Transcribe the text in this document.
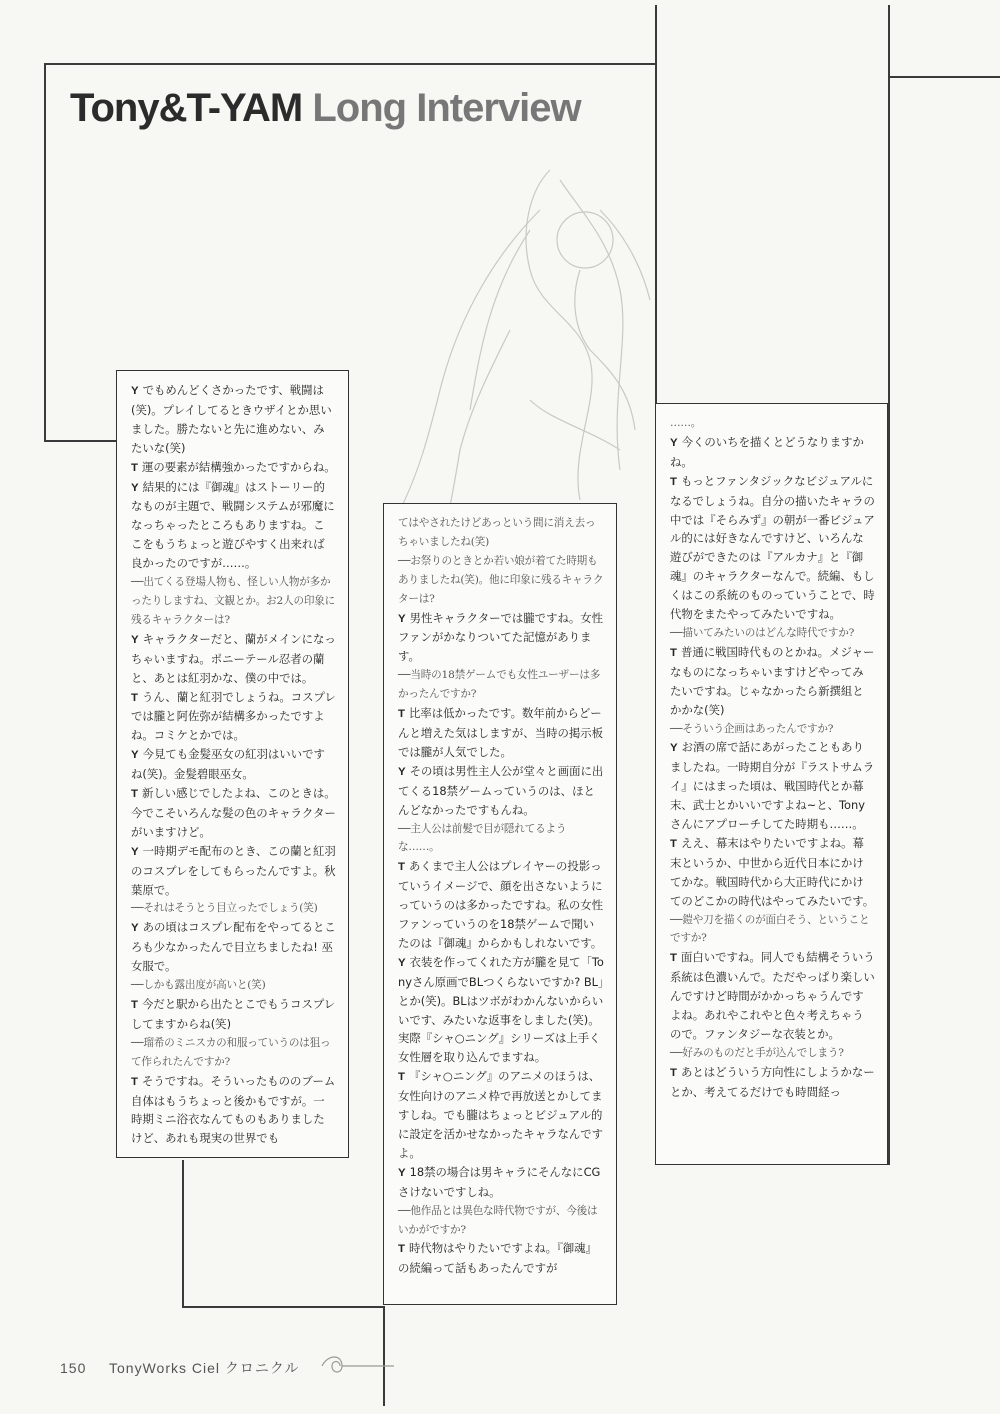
Tony&T-YAM Long Interview

Y でもめんどくさかったです、戦闘は(笑)。プレイしてるときウザイとか思いました。勝たないと先に進めない、みたいな(笑)

T 運の要素が結構強かったですからね。

Y 結果的には『御魂』はストーリー的なものが主題で、戦闘システムが邪魔になっちゃったところもありますね。ここをもうちょっと遊びやすく出来れば良かったのですが……。

──出てくる登場人物も、怪しい人物が多かったりしますね、文観とか。お2人の印象に残るキャラクターは?

Y キャラクターだと、蘭がメインになっちゃいますね。ポニーテール忍者の蘭と、あとは紅羽かな、僕の中では。

T うん、蘭と紅羽でしょうね。コスプレでは朧と阿佐弥が結構多かったですよね。コミケとかでは。

Y 今見ても金髪巫女の紅羽はいいですね(笑)。金髪碧眼巫女。

T 新しい感じでしたよね、このときは。今でこそいろんな髪の色のキャラクターがいますけど。

Y 一時期デモ配布のとき、この蘭と紅羽のコスプレをしてもらったんですよ。秋葉原で。

──それはそうとう目立ったでしょう(笑)

Y あの頃はコスプレ配布をやってるところも少なかったんで目立ちましたね! 巫女服で。

──しかも露出度が高いと(笑)

T 今だと駅から出たとこでもうコスプレしてますからね(笑)

──瑠希のミニスカの和服っていうのは狙って作られたんですか?

T そうですね。そういったもののブーム自体はもうちょっと後かもですが。一時期ミニ浴衣なんてものもありましたけど、あれも現実の世界でも

てはやされたけどあっという間に消え去っちゃいましたね(笑)

──お祭りのときとか若い娘が着てた時期もありましたね(笑)。他に印象に残るキャラクターは?

Y 男性キャラクターでは朧ですね。女性ファンがかなりついてた記憶があります。

──当時の18禁ゲームでも女性ユーザーは多かったんですか?

T 比率は低かったです。数年前からどーんと増えた気はしますが、当時の掲示板では朧が人気でした。

Y その頃は男性主人公が堂々と画面に出てくる18禁ゲームっていうのは、ほとんどなかったですもんね。

──主人公は前髪で目が隠れてるような……。

T あくまで主人公はプレイヤーの投影っていうイメージで、顔を出さないようにっていうのは多かったですね。私の女性ファンっていうのを18禁ゲームで聞いたのは『御魂』からかもしれないです。

Y 衣装を作ってくれた方が朧を見て「Tonyさん原画でBLつくらないですか? BL」とか(笑)。BLはツボがわかんないからいいです、みたいな返事をしました(笑)。実際『シャ○ニング』シリーズは上手く女性層を取り込んでますね。

T 『シャ○ニング』のアニメのほうは、女性向けのアニメ枠で再放送とかしてますしね。でも朧はちょっとビジュアル的に設定を活かせなかったキャラなんですよ。

Y 18禁の場合は男キャラにそんなにCGさけないですしね。

──他作品とは異色な時代物ですが、今後はいかがですか?

T 時代物はやりたいですよね。『御魂』の続編って話もあったんですが

……。

Y 今くのいちを描くとどうなりますかね。

T もっとファンタジックなビジュアルになるでしょうね。自分の描いたキャラの中では『そらみず』の朝が一番ビジュアル的には好きなんですけど、いろんな遊びができたのは『アルカナ』と『御魂』のキャラクターなんで。続編、もしくはこの系統のものっていうことで、時代物をまたやってみたいですね。

──描いてみたいのはどんな時代ですか?

T 普通に戦国時代ものとかね。メジャーなものになっちゃいますけどやってみたいですね。じゃなかったら新撰組とかかな(笑)

──そういう企画はあったんですか?

Y お酒の席で話にあがったこともありましたね。一時期自分が『ラストサムライ』にはまった頃は、戦国時代とか幕末、武士とかいいですよね~と、Tonyさんにアプローチしてた時期も……。

T ええ、幕末はやりたいですよね。幕末というか、中世から近代日本にかけてかな。戦国時代から大正時代にかけてのどこかの時代はやってみたいです。

──鎧や刀を描くのが面白そう、ということですか?

T 面白いですね。同人でも結構そういう系統は色濃いんで。ただやっぱり楽しいんですけど時間がかかっちゃうんですよね。あれやこれやと色々考えちゃうので。ファンタジーな衣装とか。

──好みのものだと手が込んでしまう?

T あとはどういう方向性にしようかなーとか、考えてるだけでも時間経っ

150 TonyWorks Ciel クロニクル
